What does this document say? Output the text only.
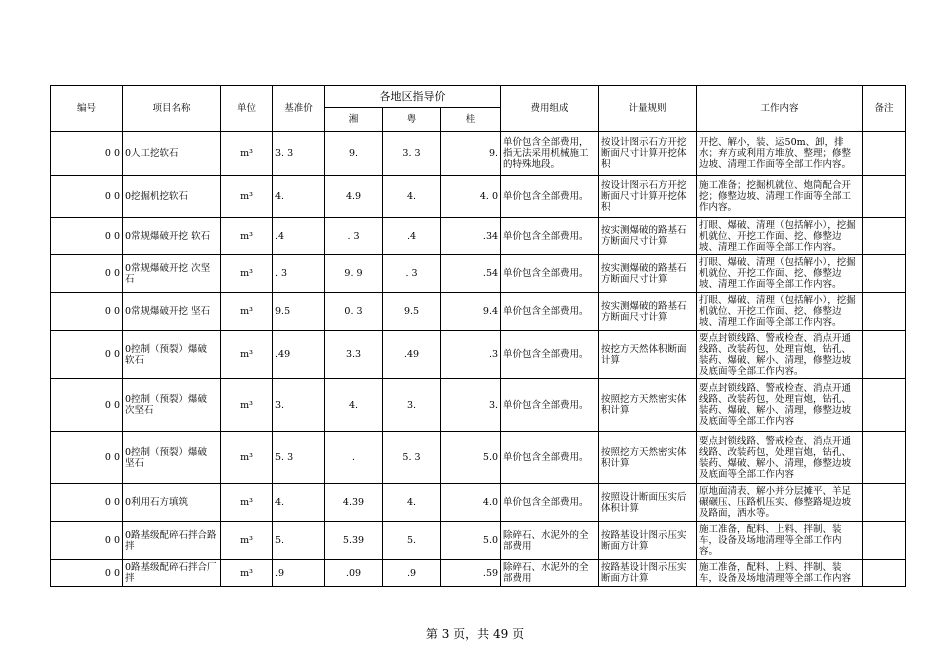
编号	项目名称	单位	基准价	各地区指导价			费用组成	计量规则	工作内容	备注
				湘	粤	桂				
0 0	0人工挖软石	m³	3. 3	9.	3. 3	9.	单价包含全部费用，指无法采用机械施工的特殊地段。	按设计图示石方开挖断面尺寸计算开挖体积	开挖、解小，装、运50m、卸，排水；弃方或利用方堆放、整理；修整边坡、清理工作面等全部工作内容。	
0 0	0挖掘机挖软石	m³	4.	4.9	4.	4. 0	单价包含全部费用。	按设计图示石方开挖断面尺寸计算开挖体积	施工准备；挖掘机就位、炮筒配合开挖；修整边坡、清理工作面等全部工作内容。	
0 0	0常规爆破开挖 软石	m³	.4	. 3	.4	.34	单价包含全部费用。	按实测爆破的路基石方断面尺寸计算	打眼、爆破、清理（包括解小），挖掘机就位、开挖工作面、挖、修整边坡、清理工作面等全部工作内容。	
0 0	0常规爆破开挖 次坚石	m³	. 3	9. 9	. 3	.54	单价包含全部费用。	按实测爆破的路基石方断面尺寸计算	打眼、爆破、清理（包括解小），挖掘机就位、开挖工作面、挖、修整边坡、清理工作面等全部工作内容。	
0 0	0常规爆破开挖 坚石	m³	9.5	0. 3	9.5	9.4	单价包含全部费用。	按实测爆破的路基石方断面尺寸计算	打眼、爆破、清理（包括解小），挖掘机就位、开挖工作面、挖、修整边坡、清理工作面等全部工作内容。	
0 0	0控制（预裂）爆破 软石	m³	.49	3.3	.49	.3	单价包含全部费用。	按挖方天然体积断面计算	要点封锁线路、警戒检查、消点开通线路、改装药包，处理盲炮，钻孔、装药、爆破、解小、清理，修整边坡及底面等全部工作内容。	
0 0	0控制（预裂）爆破 次坚石	m³	3.	4.	3.	3.	单价包含全部费用。	按照挖方天然密实体积计算	要点封锁线路、警戒检查、消点开通线路、改装药包，处理盲炮，钻孔、装药、爆破、解小、清理，修整边坡及底面等全部工作内容	
0 0	0控制（预裂）爆破 坚石	m³	5. 3	.	5. 3	5.0	单价包含全部费用。	按照挖方天然密实体积计算	要点封锁线路、警戒检查、消点开通线路、改装药包，处理盲炮，钻孔、装药、爆破、解小、清理，修整边坡及底面等全部工作内容	
0 0	0利用石方填筑	m³	4.	4.39	4.	4.0	单价包含全部费用。	按照设计断面压实后体积计算	原地面清表、解小并分层摊平、羊足碾碾压、压路机压实、修整路堤边坡及路面，洒水等。	
0 0	0路基级配碎石拌合路拌	m³	5.	5.39	5.	5.0	除碎石、水泥外的全部费用	按路基设计图示压实断面方计算	施工准备，配料、上料、拌制、装车，设备及场地清理等全部工作内容。	
0 0	0路基级配碎石拌合厂拌	m³	.9	.09	.9	.59	除碎石、水泥外的全部费用	按路基设计图示压实断面方计算	施工准备，配料、上料、拌制、装车，设备及场地清理等全部工作内容	
第 3 页，共 49 页
